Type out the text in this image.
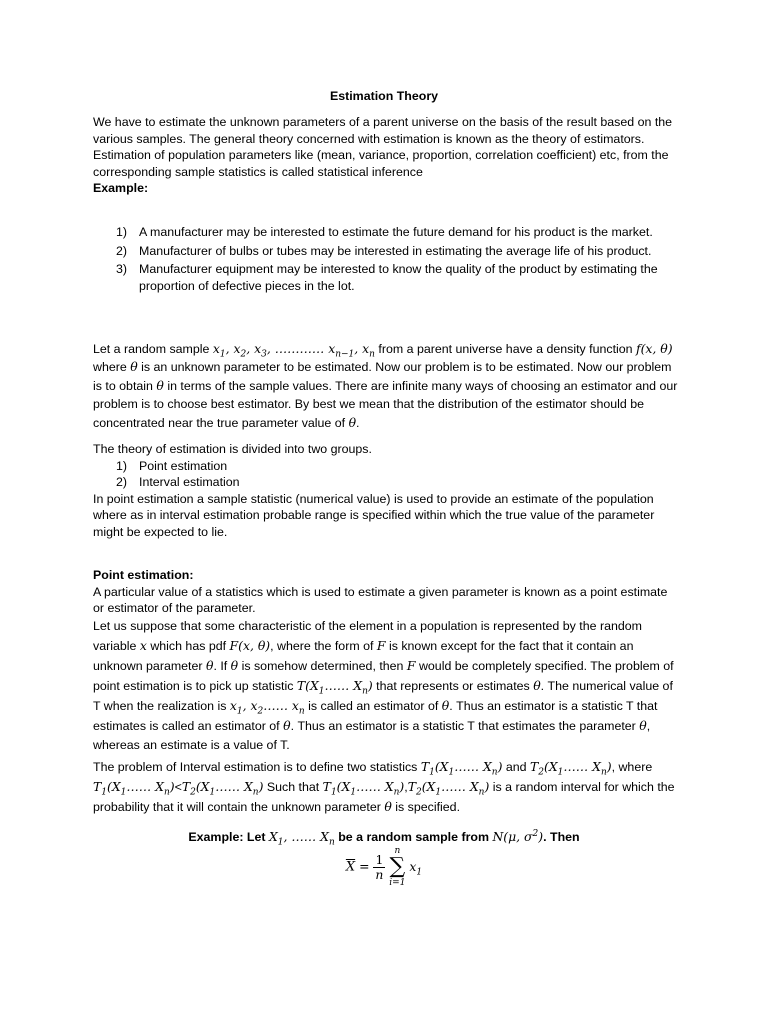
Estimation Theory

We have to estimate the unknown parameters of a parent universe on the basis of the result based on the various samples. The general theory concerned with estimation is known as the theory of estimators.

Estimation of population parameters like (mean, variance, proportion, correlation coefficient) etc, from the corresponding sample statistics is called statistical inference

Example:

1) A manufacturer may be interested to estimate the future demand for his product is the market.
2) Manufacturer of bulbs or tubes may be interested in estimating the average life of his product.
3) Manufacturer equipment may be interested to know the quality of the product by estimating the proportion of defective pieces in the lot.

Let a random sample $x_1$, $x_2$, $x_3$, ………… $x_{n-1}$, $x_n$ from a parent universe have a density function f(x, θ) where θ is an unknown parameter to be estimated. Now our problem is to be estimated. Now our problem is to obtain θ in terms of the sample values. There are infinite many ways of choosing an estimator and our problem is to choose best estimator. By best we mean that the distribution of the estimator should be concentrated near the true parameter value of θ.

The theory of estimation is divided into two groups.

1) Point estimation
2) Interval estimation

In point estimation a sample statistic (numerical value) is used to provide an estimate of the population where as in interval estimation probable range is specified within which the true value of the parameter might be expected to lie.

Point estimation:

A particular value of a statistics which is used to estimate a given parameter is known as a point estimate or estimator of the parameter.

Let us suppose that some characteristic of the element in a population is represented by the random variable x which has pdf F(x, θ), where the form of F is known except for the fact that it contain an unknown parameter θ. If θ is somehow determined, then F would be completely specified. The problem of point estimation is to pick up statistic $T(X_1\dots\dots$ $X_n$) that represents or estimates θ. The numerical value of T when the realization is $x_1$, $x_2\dots\dots$ $x_n$ is called an estimator of θ. Thus an estimator is a statistic T that estimates is called an estimator of θ. Thus an estimator is a statistic T that estimates the parameter θ, whereas an estimate is a value of T.

The problem of Interval estimation is to define two statistics $T_1(X_1\dots\dots$ $X_n$) and $T_2(X_1\dots\dots$ $X_n$), where $T_1(X_1\dots\dots$ $X_n)<T_2(X_1\dots\dots$ $X_n$) Such that $T_1(X_1\dots\dots$ $X_n),T_2(X_1\dots\dots$ $X_n$) is a random interval for which the probability that it will contain the unknown parameter θ is specified.

Example: Let $X_1$, …… $X_n$ be a random sample from N(μ, $\sigma^2$). Then
$\overline{X} = \frac{1}{n}$

n
∑
i=1
$x_1$
